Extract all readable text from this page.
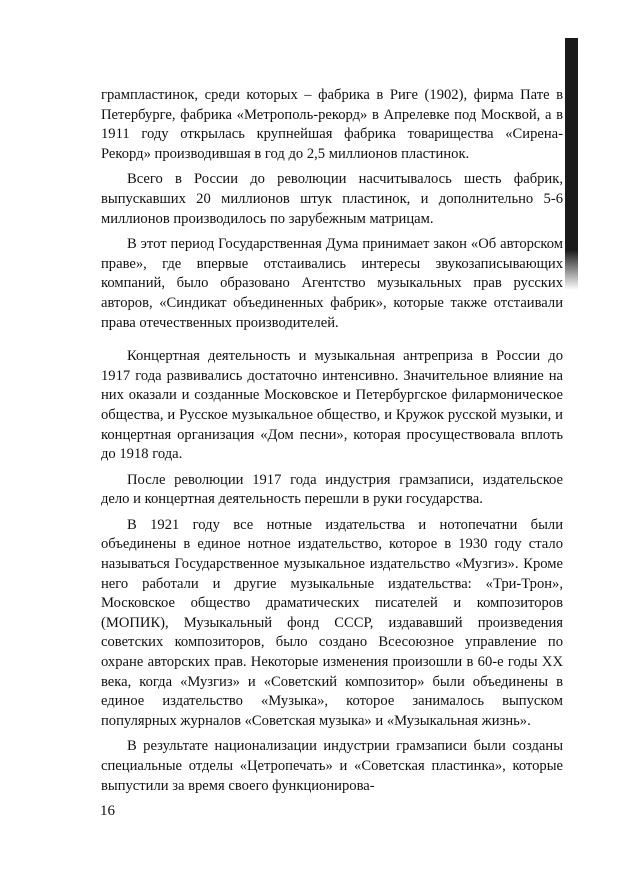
грампластинок, среди которых – фабрика в Риге (1902), фирма Пате в Петербурге, фабрика «Метрополь-рекорд» в Апрелевке под Москвой, а в 1911 году открылась крупнейшая фабрика товарищества «Сирена-Рекорд» производившая в год до 2,5 миллионов пластинок.

Всего в России до революции насчитывалось шесть фабрик, выпускавших 20 миллионов штук пластинок, и дополнительно 5-6 миллионов производилось по зарубежным матрицам.

В этот период Государственная Дума принимает закон «Об авторском праве», где впервые отстаивались интересы звукозаписывающих компаний, было образовано Агентство музыкальных прав русских авторов, «Синдикат объединенных фабрик», которые также отстаивали права отечественных производителей.

Концертная деятельность и музыкальная антреприза в России до 1917 года развивались достаточно интенсивно. Значительное влияние на них оказали и созданные Московское и Петербургское филармоническое общества, и Русское музыкальное общество, и Кружок русской музыки, и концертная организация «Дом песни», которая просуществовала вплоть до 1918 года.

После революции 1917 года индустрия грамзаписи, издательское дело и концертная деятельность перешли в руки государства.

В 1921 году все нотные издательства и нотопечатни были объединены в единое нотное издательство, которое в 1930 году стало называться Государственное музыкальное издательство «Музгиз». Кроме него работали и другие музыкальные издательства: «Три-Трон», Московское общество драматических писателей и композиторов (МОПИК), Музыкальный фонд СССР, издававший произведения советских композиторов, было создано Всесоюзное управление по охране авторских прав. Некоторые изменения произошли в 60-е годы XX века, когда «Музгиз» и «Советский композитор» были объединены в единое издательство «Музыка», которое занималось выпуском популярных журналов «Советская музыка» и «Музыкальная жизнь».

В результате национализации индустрии грамзаписи были созданы специальные отделы «Цетропечать» и «Советская пластинка», которые выпустили за время своего функционирова-

16
